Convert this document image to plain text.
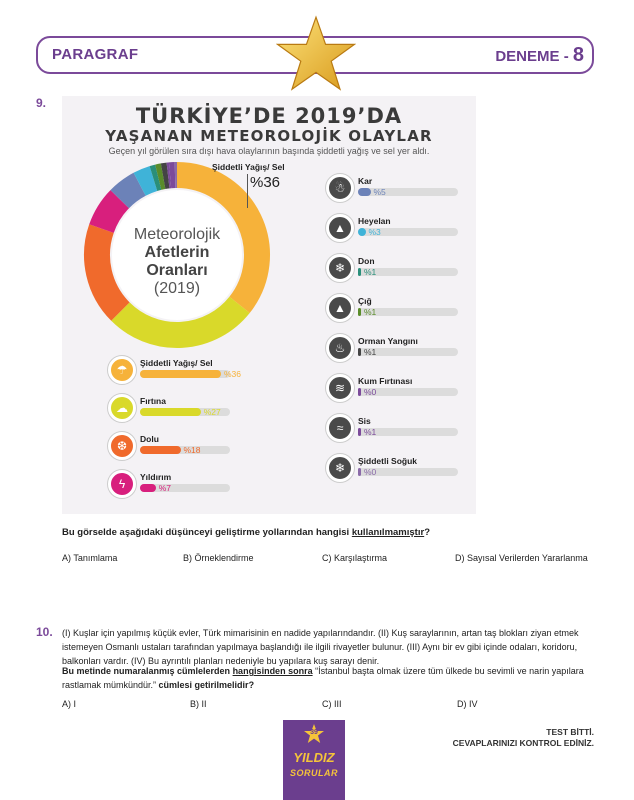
PARAGRAF	DENEME - 8
9.
TÜRKİYE’DE 2019’DA
YAŞANAN METEOROLOJİK OLAYLAR
Geçen yıl görülen sıra dışı hava olaylarının başında şiddetli yağış ve sel yer aldı.
Meteorolojik
Afetlerin
Oranları
(2019)
Şiddetli Yağış/ Sel
%36
☂	Şiddetli Yağış/ Sel
%36
☁	Fırtına
%27
❆	Dolu
%18
ϟ	Yıldırım
%7
☃	Kar
%5
▲	Heyelan
%3
❄	Don
%1
▲	Çığ
%1
♨	Orman Yangını
%1
≋	Kum Fırtınası
%0
≈	Sis
%1
❄	Şiddetli Soğuk
%0
Bu görselde aşağıdaki düşünceyi geliştirme yollarından hangisi kullanılmamıştır?
A) Tanımlama	B) Örneklendirme	C) Karşılaştırma	D) Sayısal Verilerden Yararlanma
10. (I) Kuşlar için yapılmış küçük evler, Türk mimarisinin en nadide yapılarındandır. (II) Kuş saraylarının, artan taş blokları ziyan etmek istemeyen Osmanlı ustaları tarafından yapılmaya başlandığı ile ilgili rivayetler bulunur. (III) Aynı bir ev gibi içinde odaları, koridoru, balkonları vardır. (IV) Bu ayrıntılı planları nedeniyle bu yapılara kuş sarayı denir.
Bu metinde numaralanmış cümlelerden hangisinden sonra “İstanbul başta olmak üzere tüm ülkede bu sevimli ve narin yapılara rastlamak mümkündür.” cümlesi getirilmelidir?
A) I	B) II	C) III	D) IV
39
YILDIZ
SORULAR
TEST BİTTİ.
CEVAPLARINIZI KONTROL EDİNİZ.
